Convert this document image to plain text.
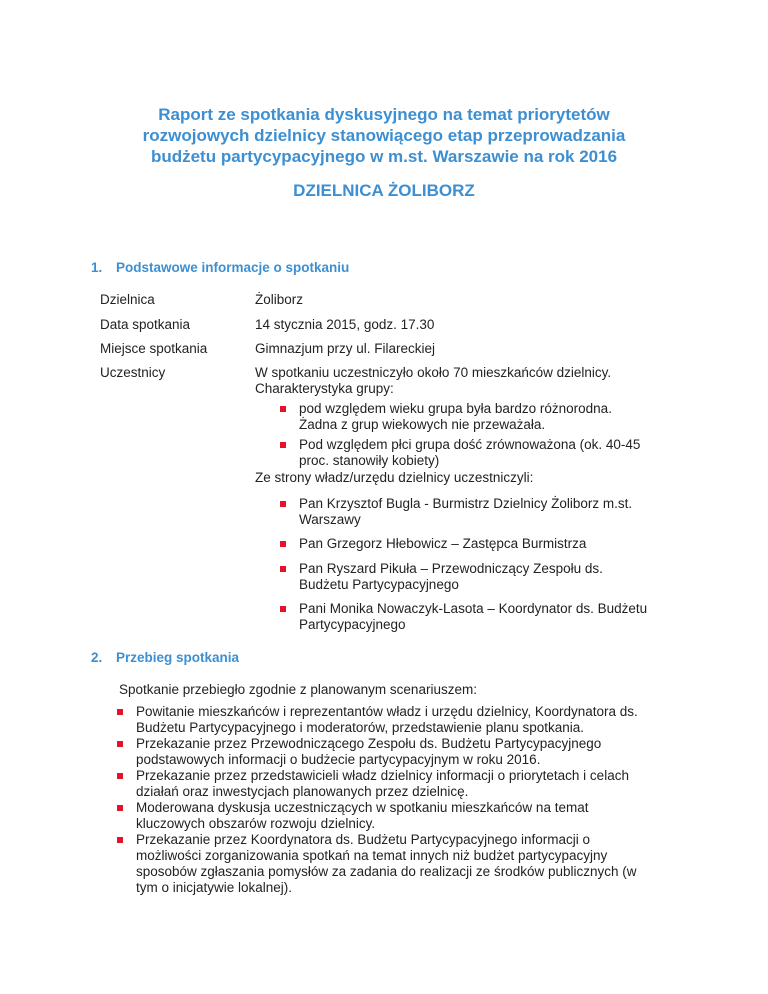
Raport ze spotkania dyskusyjnego na temat priorytetów
rozwojowych dzielnicy stanowiącego etap przeprowadzania
budżetu partycypacyjnego w m.st. Warszawie na rok 2016
DZIELNICA ŻOLIBORZ
1. Podstawowe informacje o spotkaniu
Dzielnica	Żoliborz
Data spotkania	14 stycznia 2015, godz. 17.30
Miejsce spotkania	Gimnazjum przy ul. Filareckiej
Uczestnicy	W spotkaniu uczestniczyło około 70 mieszkańców dzielnicy.
Charakterystyka grupy:
pod względem wieku grupa była bardzo różnorodna.
Żadna z grup wiekowych nie przeważała.
Pod względem płci grupa dość zrównoważona (ok. 40-45
proc. stanowiły kobiety)
Ze strony władz/urzędu dzielnicy uczestniczyli:
Pan Krzysztof Bugla - Burmistrz Dzielnicy Żoliborz m.st.
Warszawy
Pan Grzegorz Hłebowicz – Zastępca Burmistrza
Pan Ryszard Pikuła – Przewodniczący Zespołu ds.
Budżetu Partycypacyjnego
Pani Monika Nowaczyk-Lasota – Koordynator ds. Budżetu
Partycypacyjnego
2. Przebieg spotkania
Spotkanie przebiegło zgodnie z planowanym scenariuszem:
Powitanie mieszkańców i reprezentantów władz i urzędu dzielnicy, Koordynatora ds.
Budżetu Partycypacyjnego i moderatorów, przedstawienie planu spotkania.
Przekazanie przez Przewodniczącego Zespołu ds. Budżetu Partycypacyjnego
podstawowych informacji o budżecie partycypacyjnym w roku 2016.
Przekazanie przez przedstawicieli władz dzielnicy informacji o priorytetach i celach
działań oraz inwestycjach planowanych przez dzielnicę.
Moderowana dyskusja uczestniczących w spotkaniu mieszkańców na temat
kluczowych obszarów rozwoju dzielnicy.
Przekazanie przez Koordynatora ds. Budżetu Partycypacyjnego informacji o
możliwości zorganizowania spotkań na temat innych niż budżet partycypacyjny
sposobów zgłaszania pomysłów za zadania do realizacji ze środków publicznych (w
tym o inicjatywie lokalnej).
